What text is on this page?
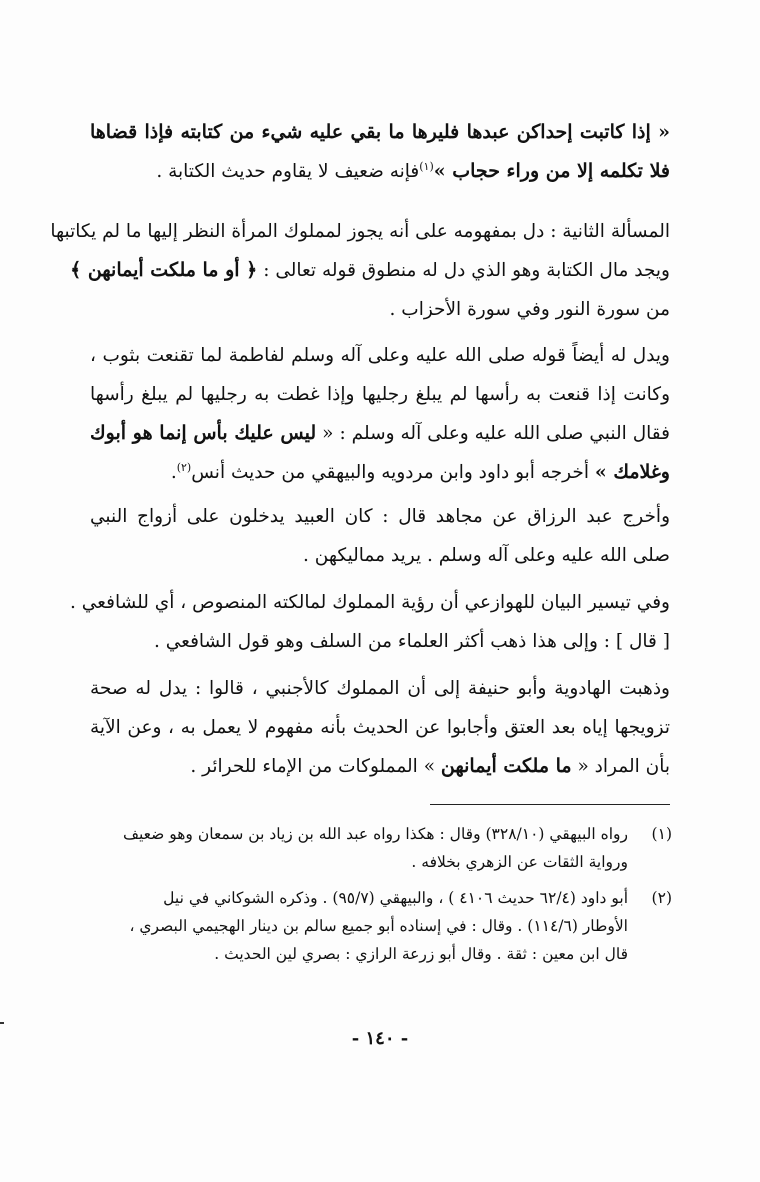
« إذا كاتبت إحداكن عبدها فليرها ما بقي عليه شيء من كتابته فإذا قضاها
فلا تكلمه إلا من وراء حجاب »$^{(١)}$فإنه ضعيف لا يقاوم حديث الكتابة .
المسألة الثانية : دل بمفهومه على أنه يجوز لمملوك المرأة النظر إليها ما لم يكاتبها
ويجد مال الكتابة وهو الذي دل له منطوق قوله تعالى : ﴿ أو ما ملكت أيمانهن ﴾
من سورة النور وفي سورة الأحزاب .
ويدل له أيضاً قوله صلى الله عليه وعلى آله وسلم لفاطمة لما تقنعت بثوب ،
وكانت إذا قنعت به رأسها لم يبلغ رجليها وإذا غطت به رجليها لم يبلغ رأسها
فقال النبي صلى الله عليه وعلى آله وسلم : « ليس عليك بأس إنما هو أبوك
وغلامك » أخرجه أبو داود وابن مردويه والبيهقي من حديث أنس$^{(٢)}$.
وأخرج عبد الرزاق عن مجاهد قال : كان العبيد يدخلون على أزواج النبي
صلى الله عليه وعلى آله وسلم . يريد مماليكهن .
وفي تيسير البيان للهوازعي أن رؤية المملوك لمالكته المنصوص ، أي للشافعي .
[ قال ] : وإلى هذا ذهب أكثر العلماء من السلف وهو قول الشافعي .
وذهبت الهادوية وأبو حنيفة إلى أن المملوك كالأجنبي ، قالوا : يدل له صحة
تزويجها إياه بعد العتق وأجابوا عن الحديث بأنه مفهوم لا يعمل به ، وعن الآية
بأن المراد « ما ملكت أيمانهن » المملوكات من الإماء للحرائر .
(١)
رواه البيهقي (٣٢٨/١٠) وقال : هكذا رواه عبد الله بن زياد بن سمعان وهو ضعيف
ورواية الثقات عن الزهري بخلافه .
(٢)
أبو داود (٦٢/٤ حديث ٤١٠٦ ) ، والبيهقي (٩٥/٧) . وذكره الشوكاني في نيل
الأوطار (١١٤/٦) . وقال : في إسناده أبو جميع سالم بن دينار الهجيمي البصري ،
قال ابن معين : ثقة . وقال أبو زرعة الرازي : بصري لين الحديث .
- ١٤٠ -
